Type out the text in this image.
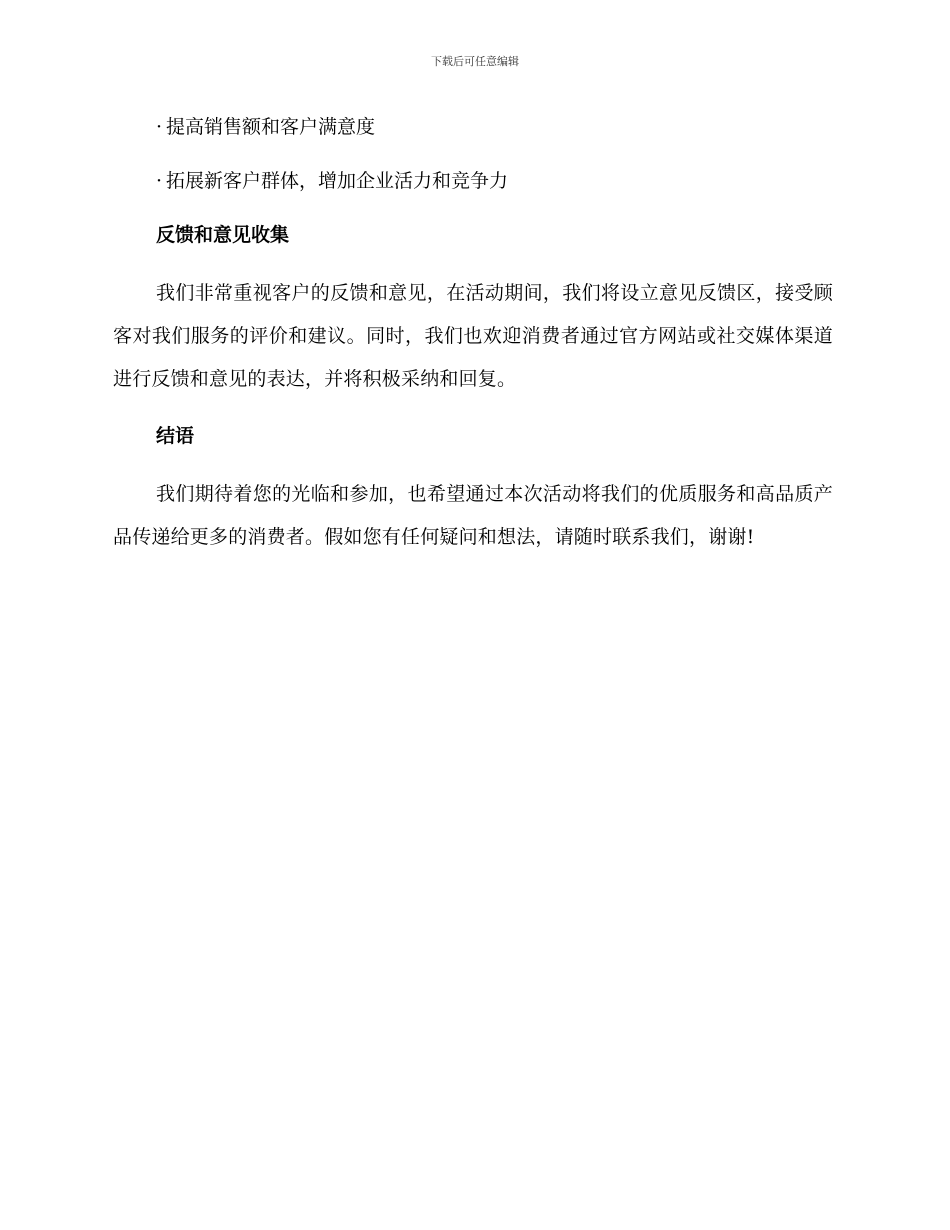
下载后可任意编辑
· 提高销售额和客户满意度
· 拓展新客户群体，增加企业活力和竞争力
反馈和意见收集

我们非常重视客户的反馈和意见，在活动期间，我们将设立意见反馈区，接受顾客对我们服务的评价和建议。同时，我们也欢迎消费者通过官方网站或社交媒体渠道进行反馈和意见的表达，并将积极采纳和回复。

结语

我们期待着您的光临和参加，也希望通过本次活动将我们的优质服务和高品质产品传递给更多的消费者。假如您有任何疑问和想法，请随时联系我们，谢谢!
